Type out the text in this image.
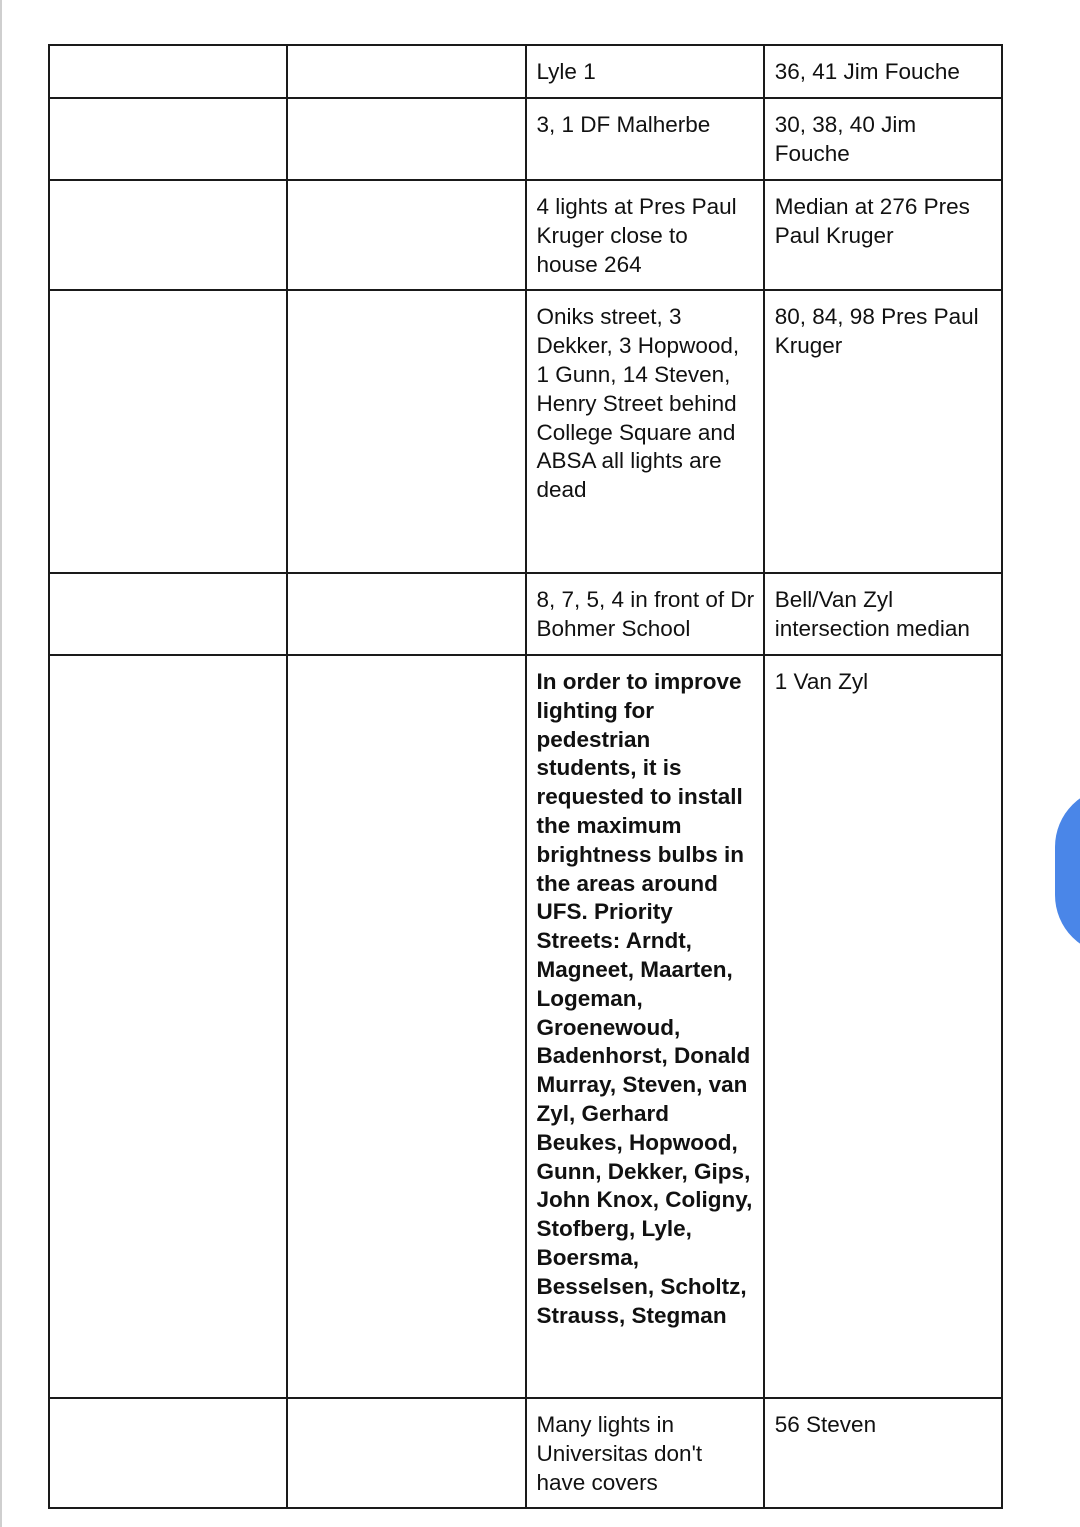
		Lyle 1	36, 41 Jim Fouche
		3, 1 DF Malherbe	30, 38, 40 Jim Fouche
		4 lights at Pres Paul Kruger close to house 264	Median at 276 Pres Paul Kruger
		Oniks street, 3 Dekker, 3 Hopwood, 1 Gunn, 14 Steven, Henry Street behind College Square and ABSA all lights are dead	80, 84, 98 Pres Paul Kruger
		8, 7, 5, 4 in front of Dr Bohmer School	Bell/Van Zyl intersection median
		In order to improve lighting for pedestrian students, it is requested to install the maximum brightness bulbs in the areas around UFS. Priority Streets: Arndt, Magneet, Maarten, Logeman, Groenewoud, Badenhorst, Donald Murray, Steven, van Zyl, Gerhard Beukes, Hopwood, Gunn, Dekker, Gips, John Knox, Coligny, Stofberg, Lyle, Boersma, Besselsen, Scholtz, Strauss, Stegman	1 Van Zyl
		Many lights in Universitas don't have covers	56 Steven
